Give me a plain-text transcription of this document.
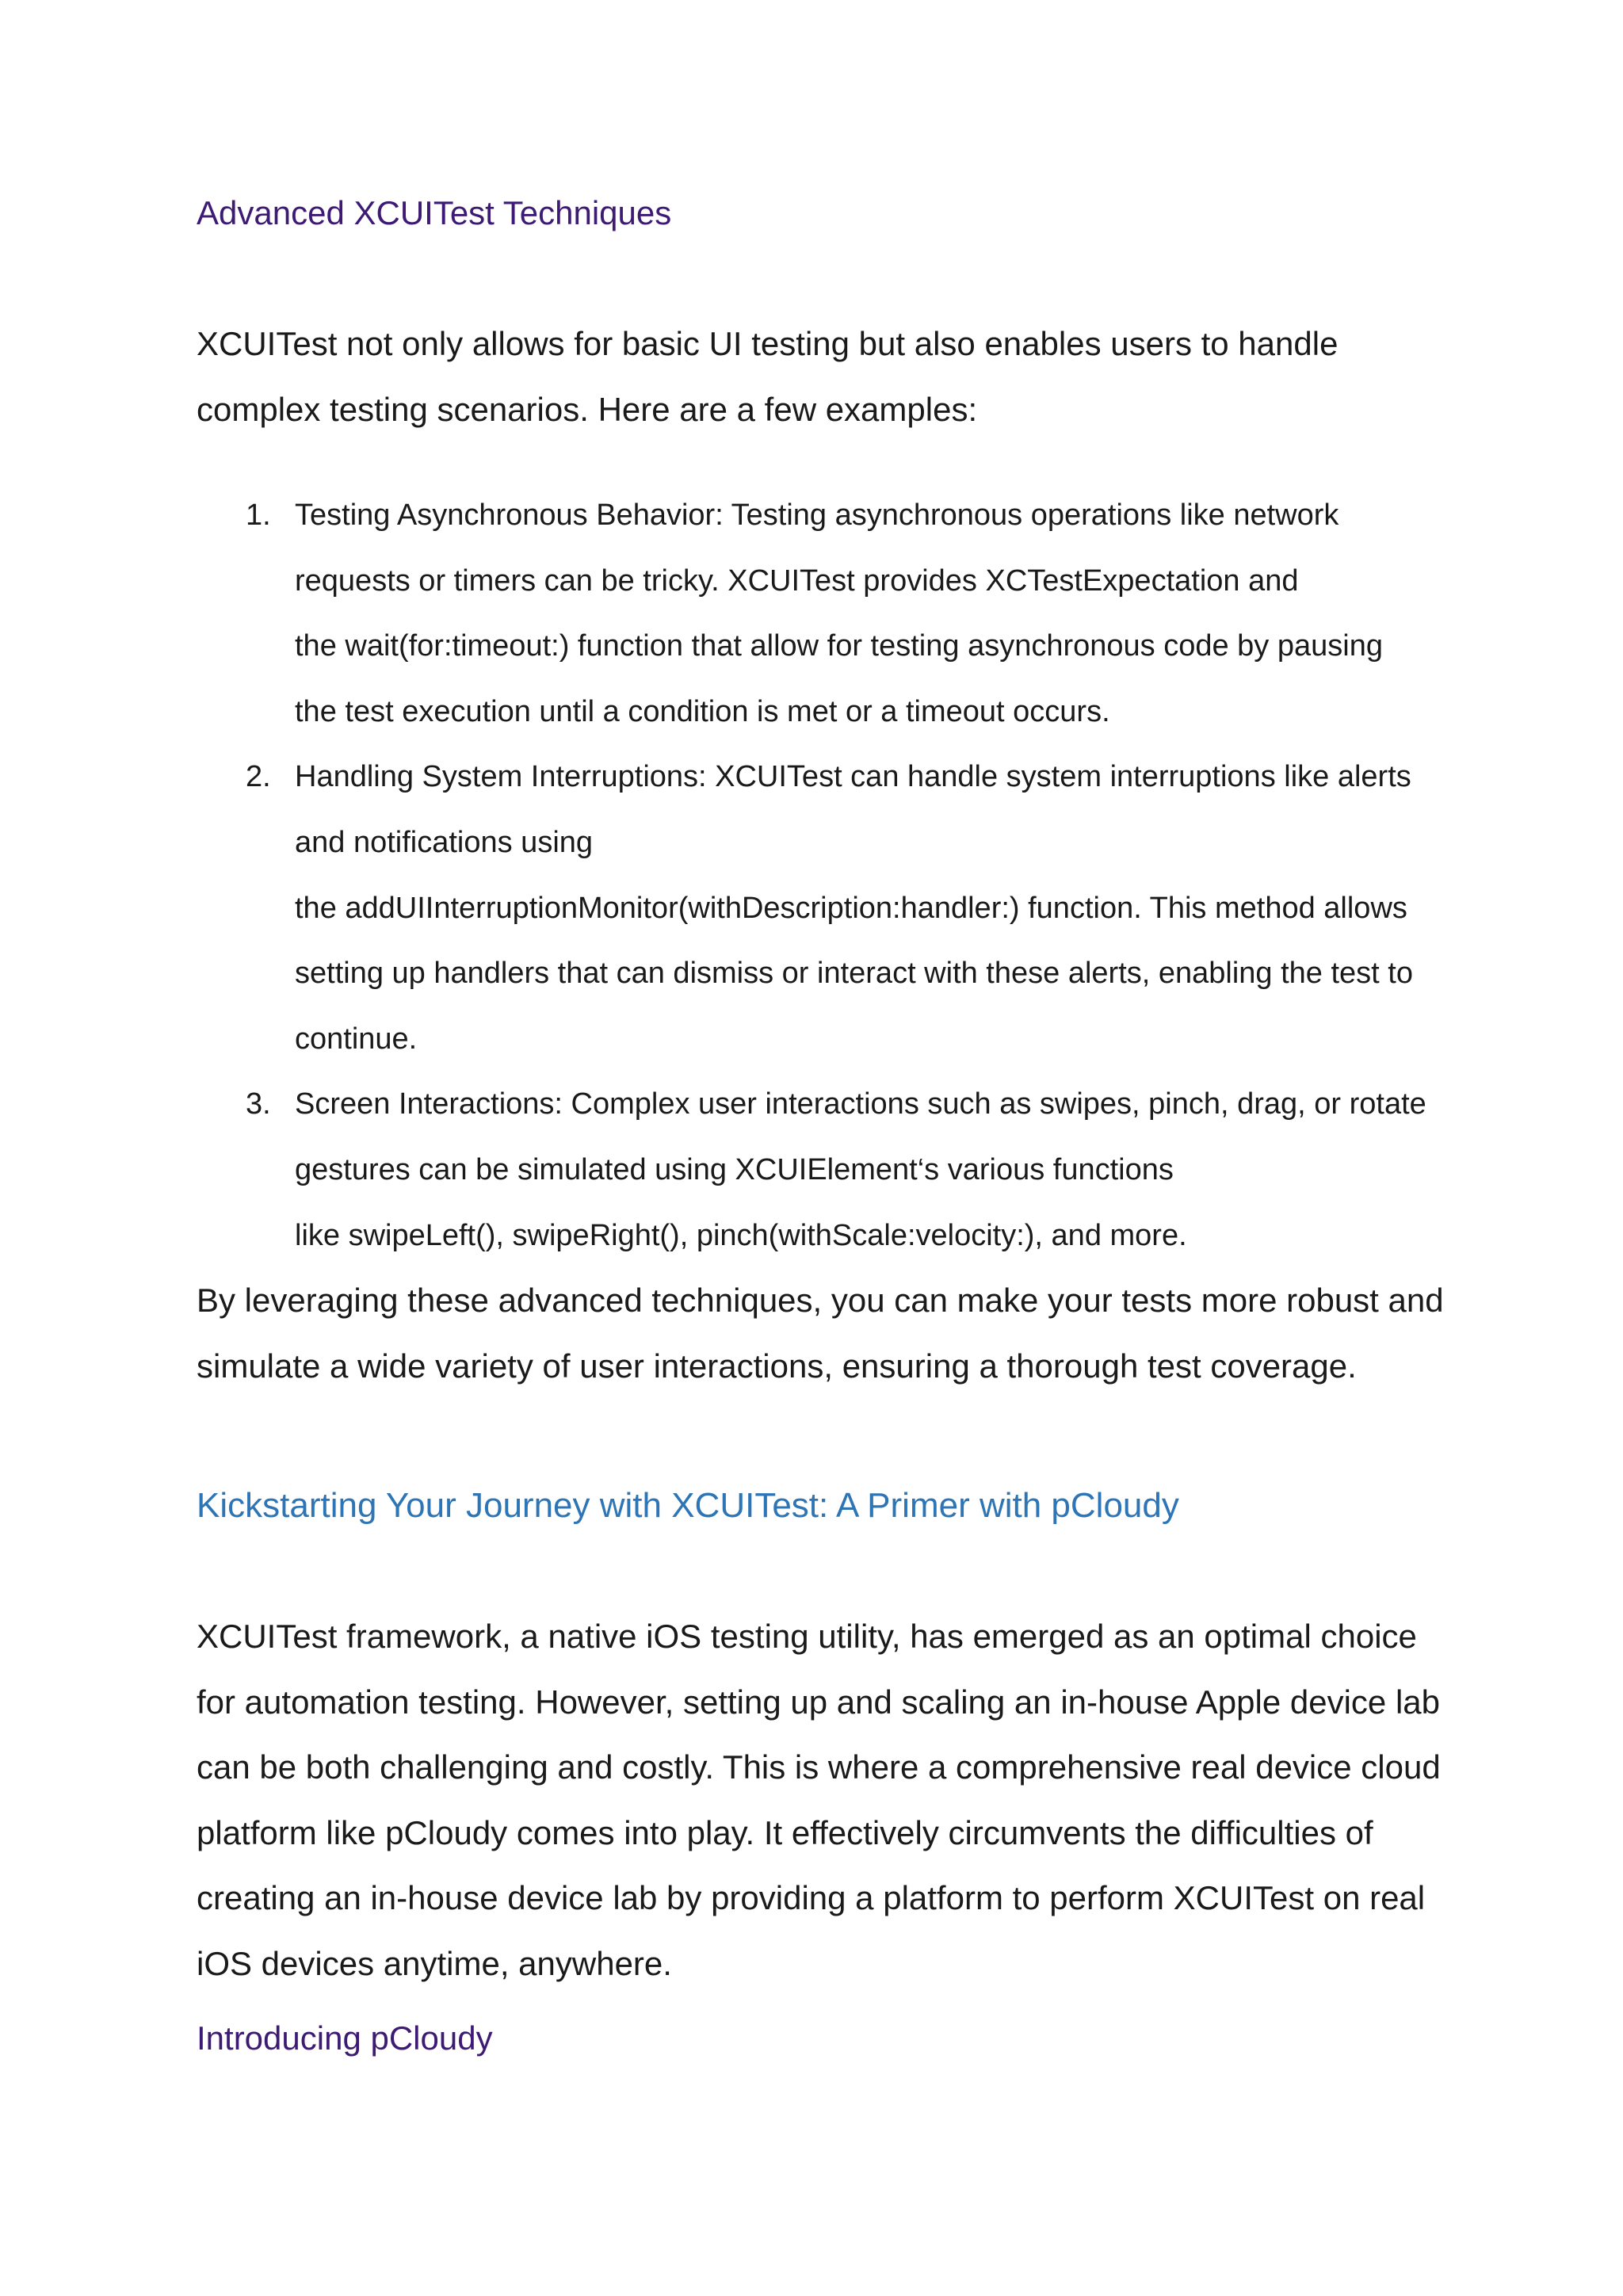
Advanced XCUITest Techniques
XCUITest not only allows for basic UI testing but also enables users to handle
complex testing scenarios. Here are a few examples:
1. Testing Asynchronous Behavior: Testing asynchronous operations like network
requests or timers can be tricky. XCUITest provides XCTestExpectation and
the wait(for:timeout:) function that allow for testing asynchronous code by pausing
the test execution until a condition is met or a timeout occurs.
2. Handling System Interruptions: XCUITest can handle system interruptions like alerts
and notifications using
the addUIInterruptionMonitor(withDescription:handler:) function. This method allows
setting up handlers that can dismiss or interact with these alerts, enabling the test to
continue.
3. Screen Interactions: Complex user interactions such as swipes, pinch, drag, or rotate
gestures can be simulated using XCUIElement‘s various functions
like swipeLeft(), swipeRight(), pinch(withScale:velocity:), and more.
By leveraging these advanced techniques, you can make your tests more robust and
simulate a wide variety of user interactions, ensuring a thorough test coverage.
Kickstarting Your Journey with XCUITest: A Primer with pCloudy
XCUITest framework, a native iOS testing utility, has emerged as an optimal choice
for automation testing. However, setting up and scaling an in-house Apple device lab
can be both challenging and costly. This is where a comprehensive real device cloud
platform like pCloudy comes into play. It effectively circumvents the difficulties of
creating an in-house device lab by providing a platform to perform XCUITest on real
iOS devices anytime, anywhere.
Introducing pCloudy
